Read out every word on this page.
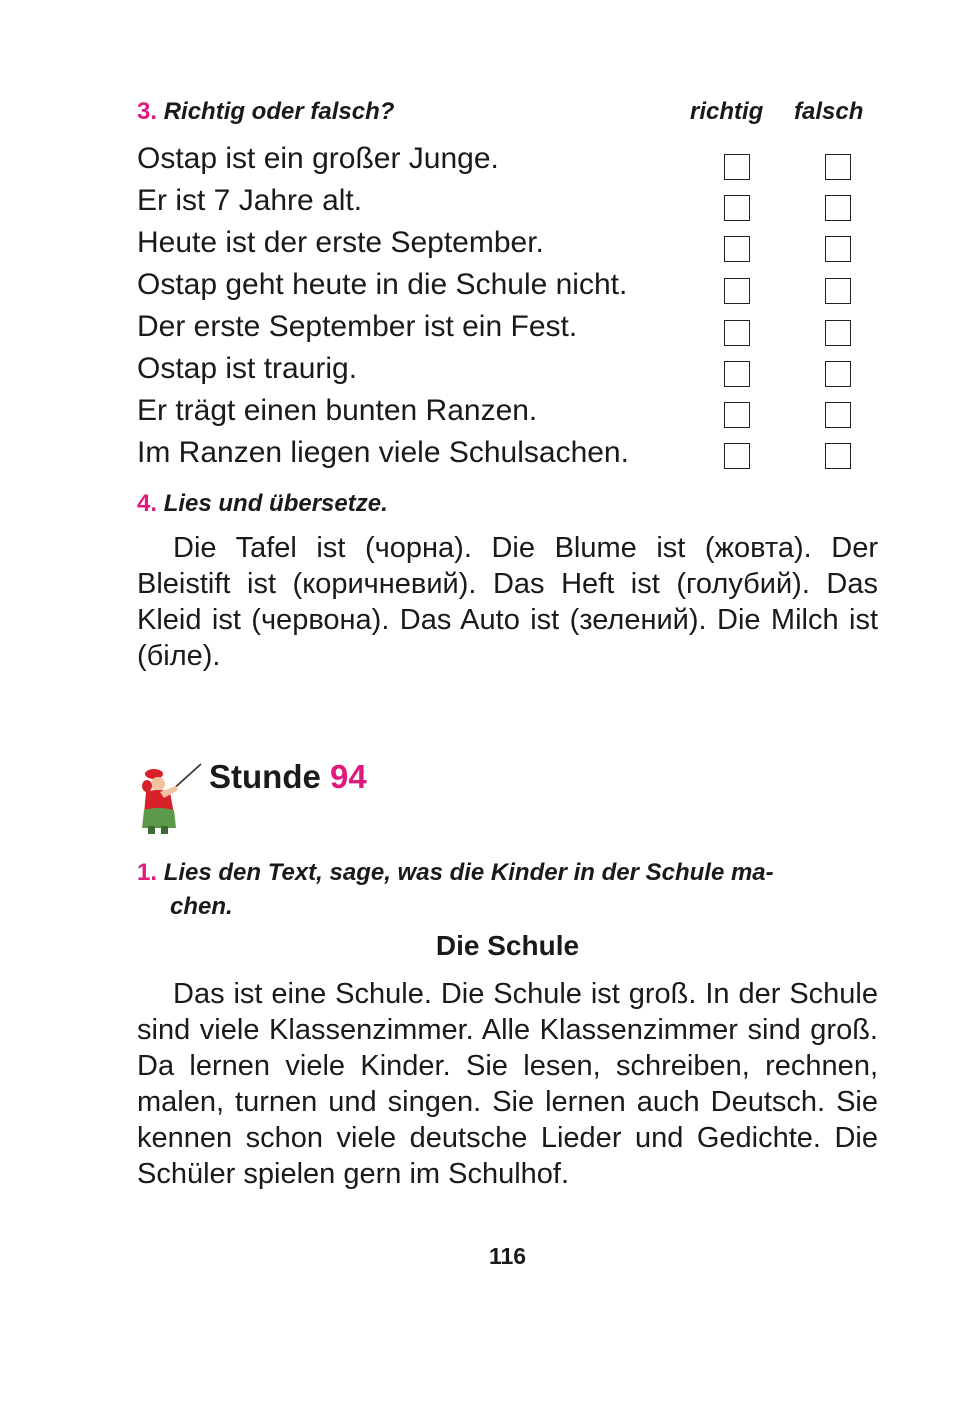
3. Richtig oder falsch?	richtig falsch
Ostap ist ein großer Junge.
Er ist 7 Jahre alt.
Heute ist der erste September.
Ostap geht heute in die Schule nicht.
Der erste September ist ein Fest.
Ostap ist traurig.
Er trägt einen bunten Ranzen.
Im Ranzen liegen viele Schulsachen.
4. Lies und übersetze.

Die Tafel ist (чорна). Die Blume ist (жовта). Der Bleistift ist (коричневий). Das Heft ist (голубий). Das Kleid ist (червона). Das Auto ist (зелений). Die Milch ist (біле).

Stunde 94
1. Lies den Text, sage, was die Kinder in der Schule ma-
chen.
Die Schule

Das ist eine Schule. Die Schule ist groß. In der Schule sind viele Klassenzimmer. Alle Klassenzimmer sind groß. Da lernen viele Kinder. Sie lesen, schreiben, rechnen, malen, turnen und singen. Sie lernen auch Deutsch. Sie kennen schon viele deutsche Lieder und Gedichte. Die Schüler spielen gern im Schulhof.

116
